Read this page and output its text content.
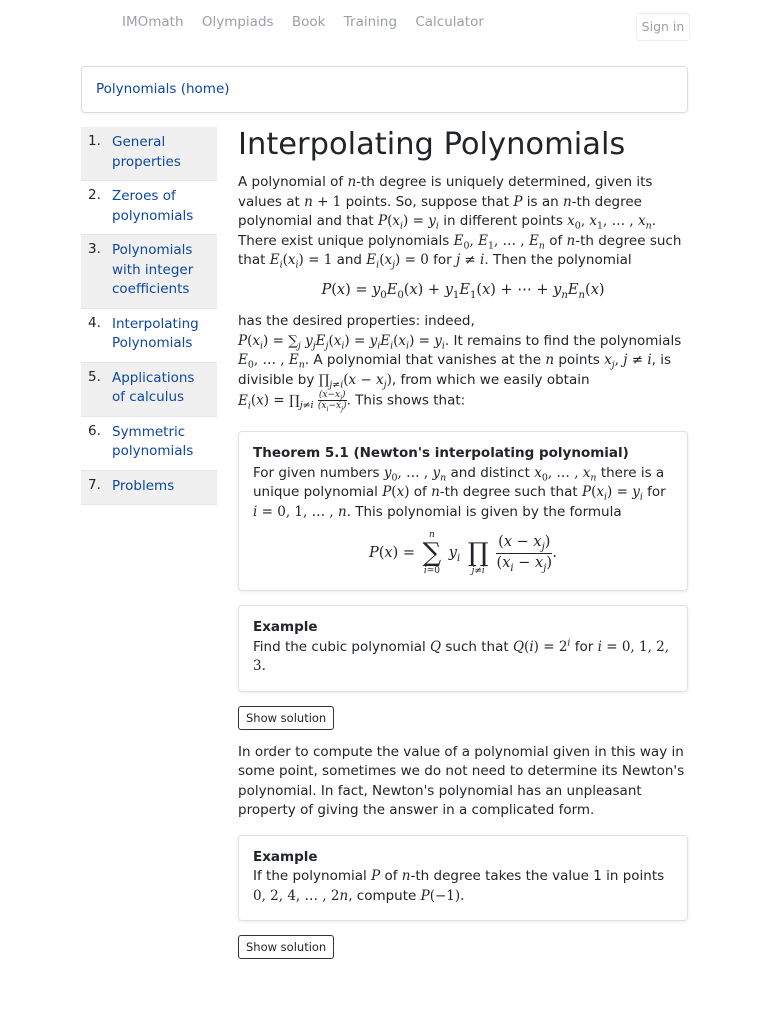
IMOmath Olympiads Book Training Calculator	Sign in
Polynomials (home)
1. General properties
2. Zeroes of polynomials
3. Polynomials with integer coefficients
4. Interpolating Polynomials
5. Applications of calculus
6. Symmetric polynomials
7. Problems
Interpolating Polynomials

A polynomial of n-th degree is uniquely determined, given its values at n + 1 points. So, suppose that P is an n-th degree polynomial and that $P(x_i) = y_i$ in different points $x_0$, $x_1$, … , $x_n$. There exist unique polynomials $E_0$, $E_1$, … , $E_n$ of n-th degree such that $E_i(x_i) = 1$ and $E_i(x_j) = 0$ for j ≠ i. Then the polynomial

$P(x) = y_0E_0(x) + y_1E_1(x)$ + ⋯ + $y_nE_n(x)$

has the desired properties: indeed,
$P(x_i) = \sum_j$ $y_jE_j(x_i) = y_iE_i(x_i) = y_i$. It remains to find the polynomials $E_0$, … , $E_n$. A polynomial that vanishes at the n points $x_j$, j ≠ i, is divisible by $\prod_{j\ne i}(x - x_j)$, from which we easily obtain
$E_i(x)$ = $\prod_{j\ne i} \frac{(x-x_j)}{(x_i-x_j)}$ . This shows that:

Theorem 5.1 (Newton's interpolating polynomial)
For given numbers $y_0$, … , $y_n$ and distinct $x_0$, … , $x_n$ there is a unique polynomial P(x) of n-th degree such that $P(x_i) = y_i$ for i = 0, 1, … , n. This polynomial is given by the formula
P(x) =
n
∑
i=0
$y_i$
∏
j≠i
$\frac{(x - x_j)}{(x_i - x_j)}$ .
Example
Find the cubic polynomial Q such that $Q(i) = 2^i$ for i = 0, 1, 2, 3.
Show solution

In order to compute the value of a polynomial given in this way in some point, sometimes we do not need to determine its Newton's polynomial. In fact, Newton's polynomial has an unpleasant property of giving the answer in a complicated form.

Example
If the polynomial P of n-th degree takes the value 1 in points
0, 2, 4, … , 2n, compute P(−1).
Show solution
